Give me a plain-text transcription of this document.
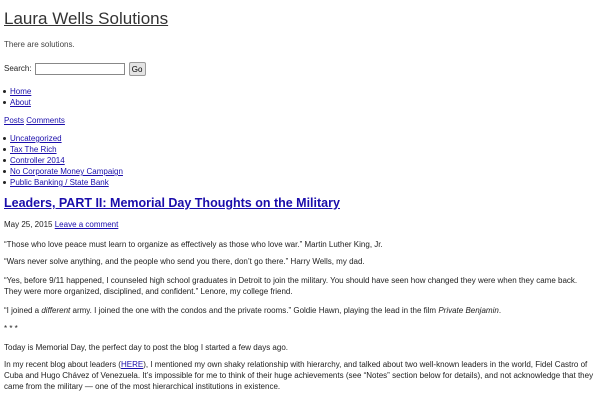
Laura Wells Solutions
There are solutions.
Search:	Go
Home
About
Posts Comments
Uncategorized
Tax The Rich
Controller 2014
No Corporate Money Campaign
Public Banking / State Bank
Leaders, PART II: Memorial Day Thoughts on the Military
May 25, 2015 Leave a comment
“Those who love peace must learn to organize as effectively as those who love war.” Martin Luther King, Jr.
“Wars never solve anything, and the people who send you there, don’t go there.” Harry Wells, my dad.
“Yes, before 9/11 happened, I counseled high school graduates in Detroit to join the military. You should have seen how changed they were when they came back. They were more organized, disciplined, and confident.” Lenore, my college friend.
“I joined a different army. I joined the one with the condos and the private rooms.” Goldie Hawn, playing the lead in the film Private Benjamin.
* * *
Today is Memorial Day, the perfect day to post the blog I started a few days ago.
In my recent blog about leaders (HERE), I mentioned my own shaky relationship with hierarchy, and talked about two well-known leaders in the world, Fidel Castro of Cuba and Hugo Chávez of Venezuela. It’s impossible for me to think of their huge achievements (see “Notes” section below for details), and not acknowledge that they came from the military — one of the most hierarchical institutions in existence.
